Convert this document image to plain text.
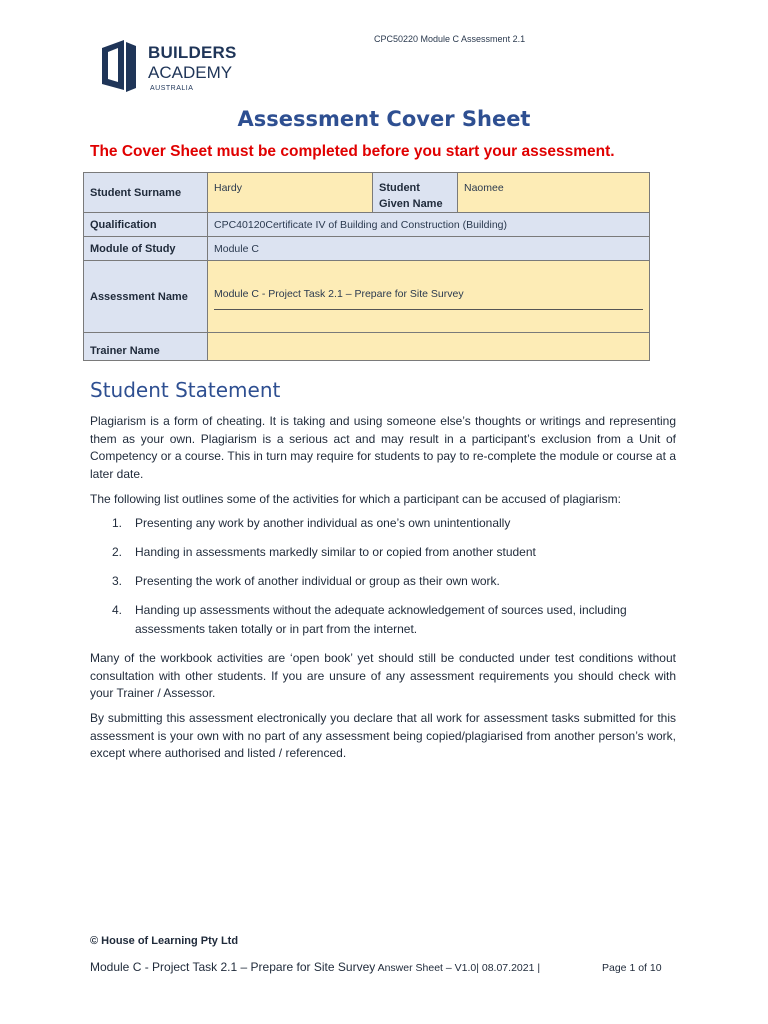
CPC50220 Module C Assessment 2.1
BUILDERS
ACADEMY
AUSTRALIA
Assessment Cover Sheet
The Cover Sheet must be completed before you start your assessment.
Student Surname	Hardy	Student Given Name	Naomee
Qualification	CPC40120Certificate IV of Building and Construction (Building)		
Module of Study	Module C		
Assessment Name	Module C - Project Task 2.1 – Prepare for Site Survey		

Trainer Name			
Student Statement

Plagiarism is a form of cheating. It is taking and using someone else’s thoughts or writings and representing them as your own. Plagiarism is a serious act and may result in a participant’s exclusion from a Unit of Competency or a course. This in turn may require for students to pay to re-complete the module or course at a later date.

The following list outlines some of the activities for which a participant can be accused of plagiarism:

1. Presenting any work by another individual as one’s own unintentionally
2. Handing in assessments markedly similar to or copied from another student
3. Presenting the work of another individual or group as their own work.
4. Handing up assessments without the adequate acknowledgement of sources used, including assessments taken totally or in part from the internet.

Many of the workbook activities are ‘open book’ yet should still be conducted under test conditions without consultation with other students. If you are unsure of any assessment requirements you should check with your Trainer / Assessor.

By submitting this assessment electronically you declare that all work for assessment tasks submitted for this assessment is your own with no part of any assessment being copied/plagiarised from another person’s work, except where authorised and listed / referenced.

© House of Learning Pty Ltd
Module C - Project Task 2.1 – Prepare for Site Survey Answer Sheet – V1.0| 08.07.2021 |	Page 1 of 10
